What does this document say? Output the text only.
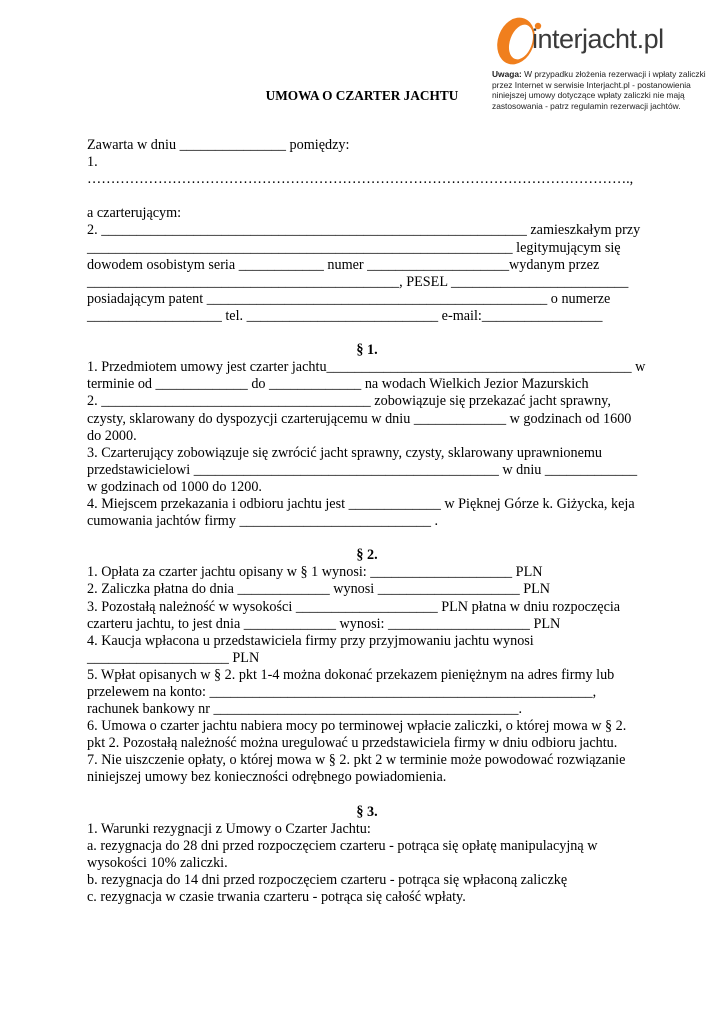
interjacht.pl
Uwaga: W przypadku złożenia rezerwacji i wpłaty zaliczki przez Internet w serwisie Interjacht.pl - postanowienia niniejszej umowy dotyczące wpłaty zaliczki nie mają zastosowania - patrz regulamin rezerwacji jachtów.
UMOWA O CZARTER JACHTU
Zawarta w dniu _______________ pomiędzy:
1.
…………………………………………………………………………………………………….,
a czarterującym:
2. ____________________________________________________________ zamieszkałym przy
____________________________________________________________ legitymującym się
dowodem osobistym seria ____________ numer ____________________wydanym przez
____________________________________________, PESEL _________________________
posiadającym patent ________________________________________________ o numerze
___________________ tel. ___________________________ e-mail:_________________
§ 1.
1. Przedmiotem umowy jest czarter jachtu___________________________________________ w terminie od _____________ do _____________ na wodach Wielkich Jezior Mazurskich
2. ______________________________________ zobowiązuje się przekazać jacht sprawny, czysty, sklarowany do dyspozycji czarterującemu w dniu _____________ w godzinach od 1600 do 2000.
3. Czarterujący zobowiązuje się zwrócić jacht sprawny, czysty, sklarowany uprawnionemu przedstawicielowi ___________________________________________ w dniu _____________ w godzinach od 1000 do 1200.
4. Miejscem przekazania i odbioru jachtu jest _____________ w Pięknej Górze k. Giżycka, keja cumowania jachtów firmy ___________________________ .
§ 2.
1. Opłata za czarter jachtu opisany w § 1 wynosi: ____________________ PLN
2. Zaliczka płatna do dnia _____________ wynosi ____________________ PLN
3. Pozostałą należność w wysokości ____________________ PLN płatna w dniu rozpoczęcia czarteru jachtu, to jest dnia _____________ wynosi: ____________________ PLN
4. Kaucja wpłacona u przedstawiciela firmy przy przyjmowaniu jachtu wynosi ____________________ PLN
5. Wpłat opisanych w § 2. pkt 1-4 można dokonać przekazem pieniężnym na adres firmy lub przelewem na konto: ______________________________________________________, rachunek bankowy nr ___________________________________________.
6. Umowa o czarter jachtu nabiera mocy po terminowej wpłacie zaliczki, o której mowa w § 2. pkt 2. Pozostałą należność można uregulować u przedstawiciela firmy w dniu odbioru jachtu.
7. Nie uiszczenie opłaty, o której mowa w § 2. pkt 2 w terminie może powodować rozwiązanie niniejszej umowy bez konieczności odrębnego powiadomienia.
§ 3.
1. Warunki rezygnacji z Umowy o Czarter Jachtu:
a. rezygnacja do 28 dni przed rozpoczęciem czarteru - potrąca się opłatę manipulacyjną w wysokości 10% zaliczki.
b. rezygnacja do 14 dni przed rozpoczęciem czarteru - potrąca się wpłaconą zaliczkę
c. rezygnacja w czasie trwania czarteru - potrąca się całość wpłaty.
